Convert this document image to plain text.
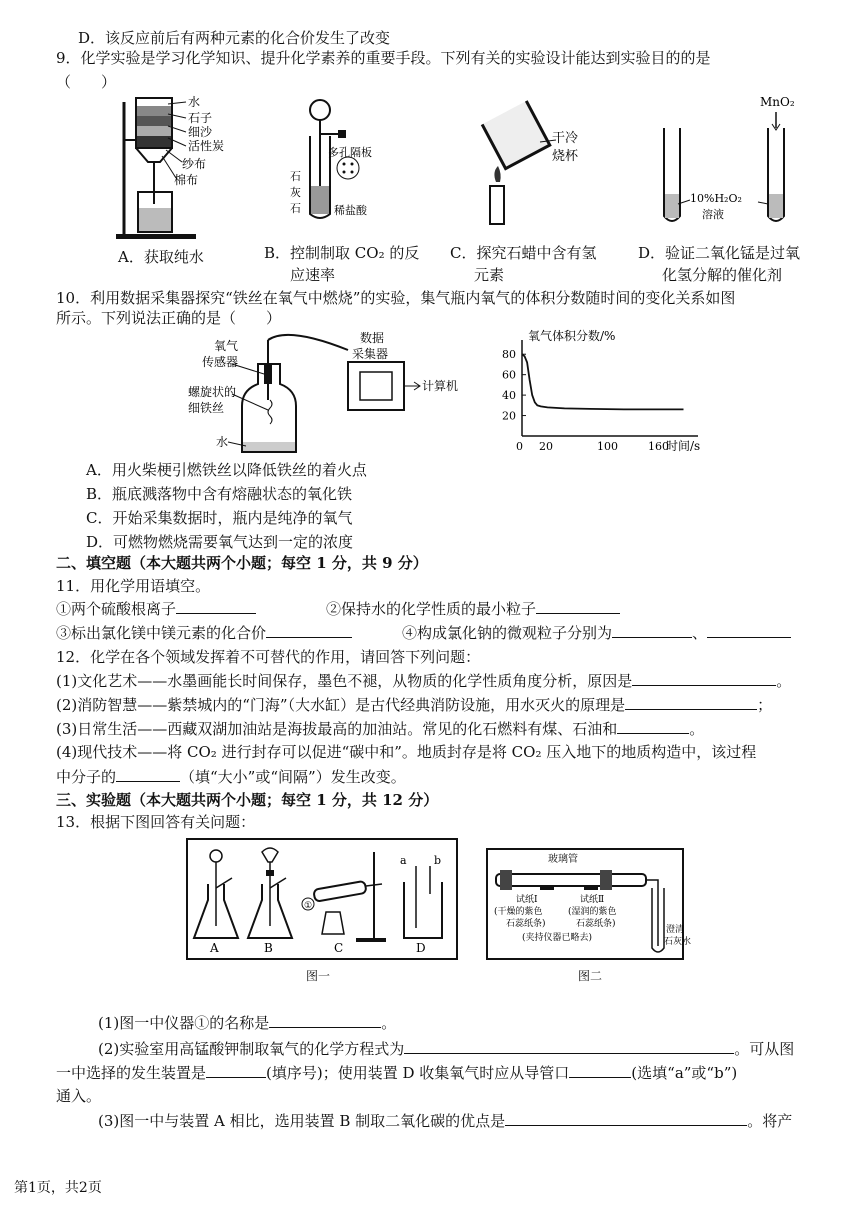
D．该反应前后有两种元素的化合价发生了改变
9．化学实验是学习化学知识、提升化学素养的重要手段。下列有关的实验设计能达到实验目的的是
（　　）
水
石子
细沙
活性炭
纱布
棉布
A．获取纯水
多孔隔板
石
灰
石	稀盐酸
B．控制制取 CO₂ 的反
应速率
干冷
烧杯
C．探究石蜡中含有氢
元素
MnO₂
10%H₂O₂
溶液
D．验证二氧化锰是过氧
化氢分解的催化剂
10．利用数据采集器探究“铁丝在氧气中燃烧”的实验，集气瓶内氧气的体积分数随时间的变化关系如图
所示。下列说法正确的是（　　）
氧气
传感器
螺旋状的
细铁丝
水
数据
采集器
计算机
20
40
60
80
0 20	100	160
氧气体积分数/%
时间/s
A．用火柴梗引燃铁丝以降低铁丝的着火点
B．瓶底溅落物中含有熔融状态的氧化铁
C．开始采集数据时，瓶内是纯净的氧气
D．可燃物燃烧需要氧气达到一定的浓度
二、填空题（本大题共两个小题；每空 1 分，共 9 分）
11．用化学用语填空。
①两个硫酸根离子	②保持水的化学性质的最小粒子
③标出氯化镁中镁元素的化合价	④构成氯化钠的微观粒子分别为	、
12．化学在各个领域发挥着不可替代的作用，请回答下列问题：
(1)文化艺术——水墨画能长时间保存，墨色不褪，从物质的化学性质角度分析，原因是	。
(2)消防智慧——紫禁城内的“门海”（大水缸）是古代经典消防设施，用水灭火的原理是	；
(3)日常生活——西藏双湖加油站是海拔最高的加油站。常见的化石燃料有煤、石油和	。
(4)现代技术——将 CO₂ 进行封存可以促进“碳中和”。地质封存是将 CO₂ 压入地下的地质构造中，该过程
中分子的	（填“大小”或“间隔”）发生改变。
三、实验题（本大题共两个小题；每空 1 分，共 12 分）
13．根据下图回答有关问题：
①
a b
A	B	C	D
图一
玻璃管
试纸Ⅰ
(干燥的紫色
石蕊纸条)
试纸Ⅱ
(湿润的紫色
石蕊纸条)
(夹持仪器已略去)
澄清
石灰水
图二
(1)图一中仪器①的名称是	。
(2)实验室用高锰酸钾制取氧气的化学方程式为	。可从图
一中选择的发生装置是	(填序号)；使用装置 D 收集氧气时应从导管口	(选填“a”或“b”)
通入。
(3)图一中与装置 A 相比，选用装置 B 制取二氧化碳的优点是	。将产
第1页，共2页
